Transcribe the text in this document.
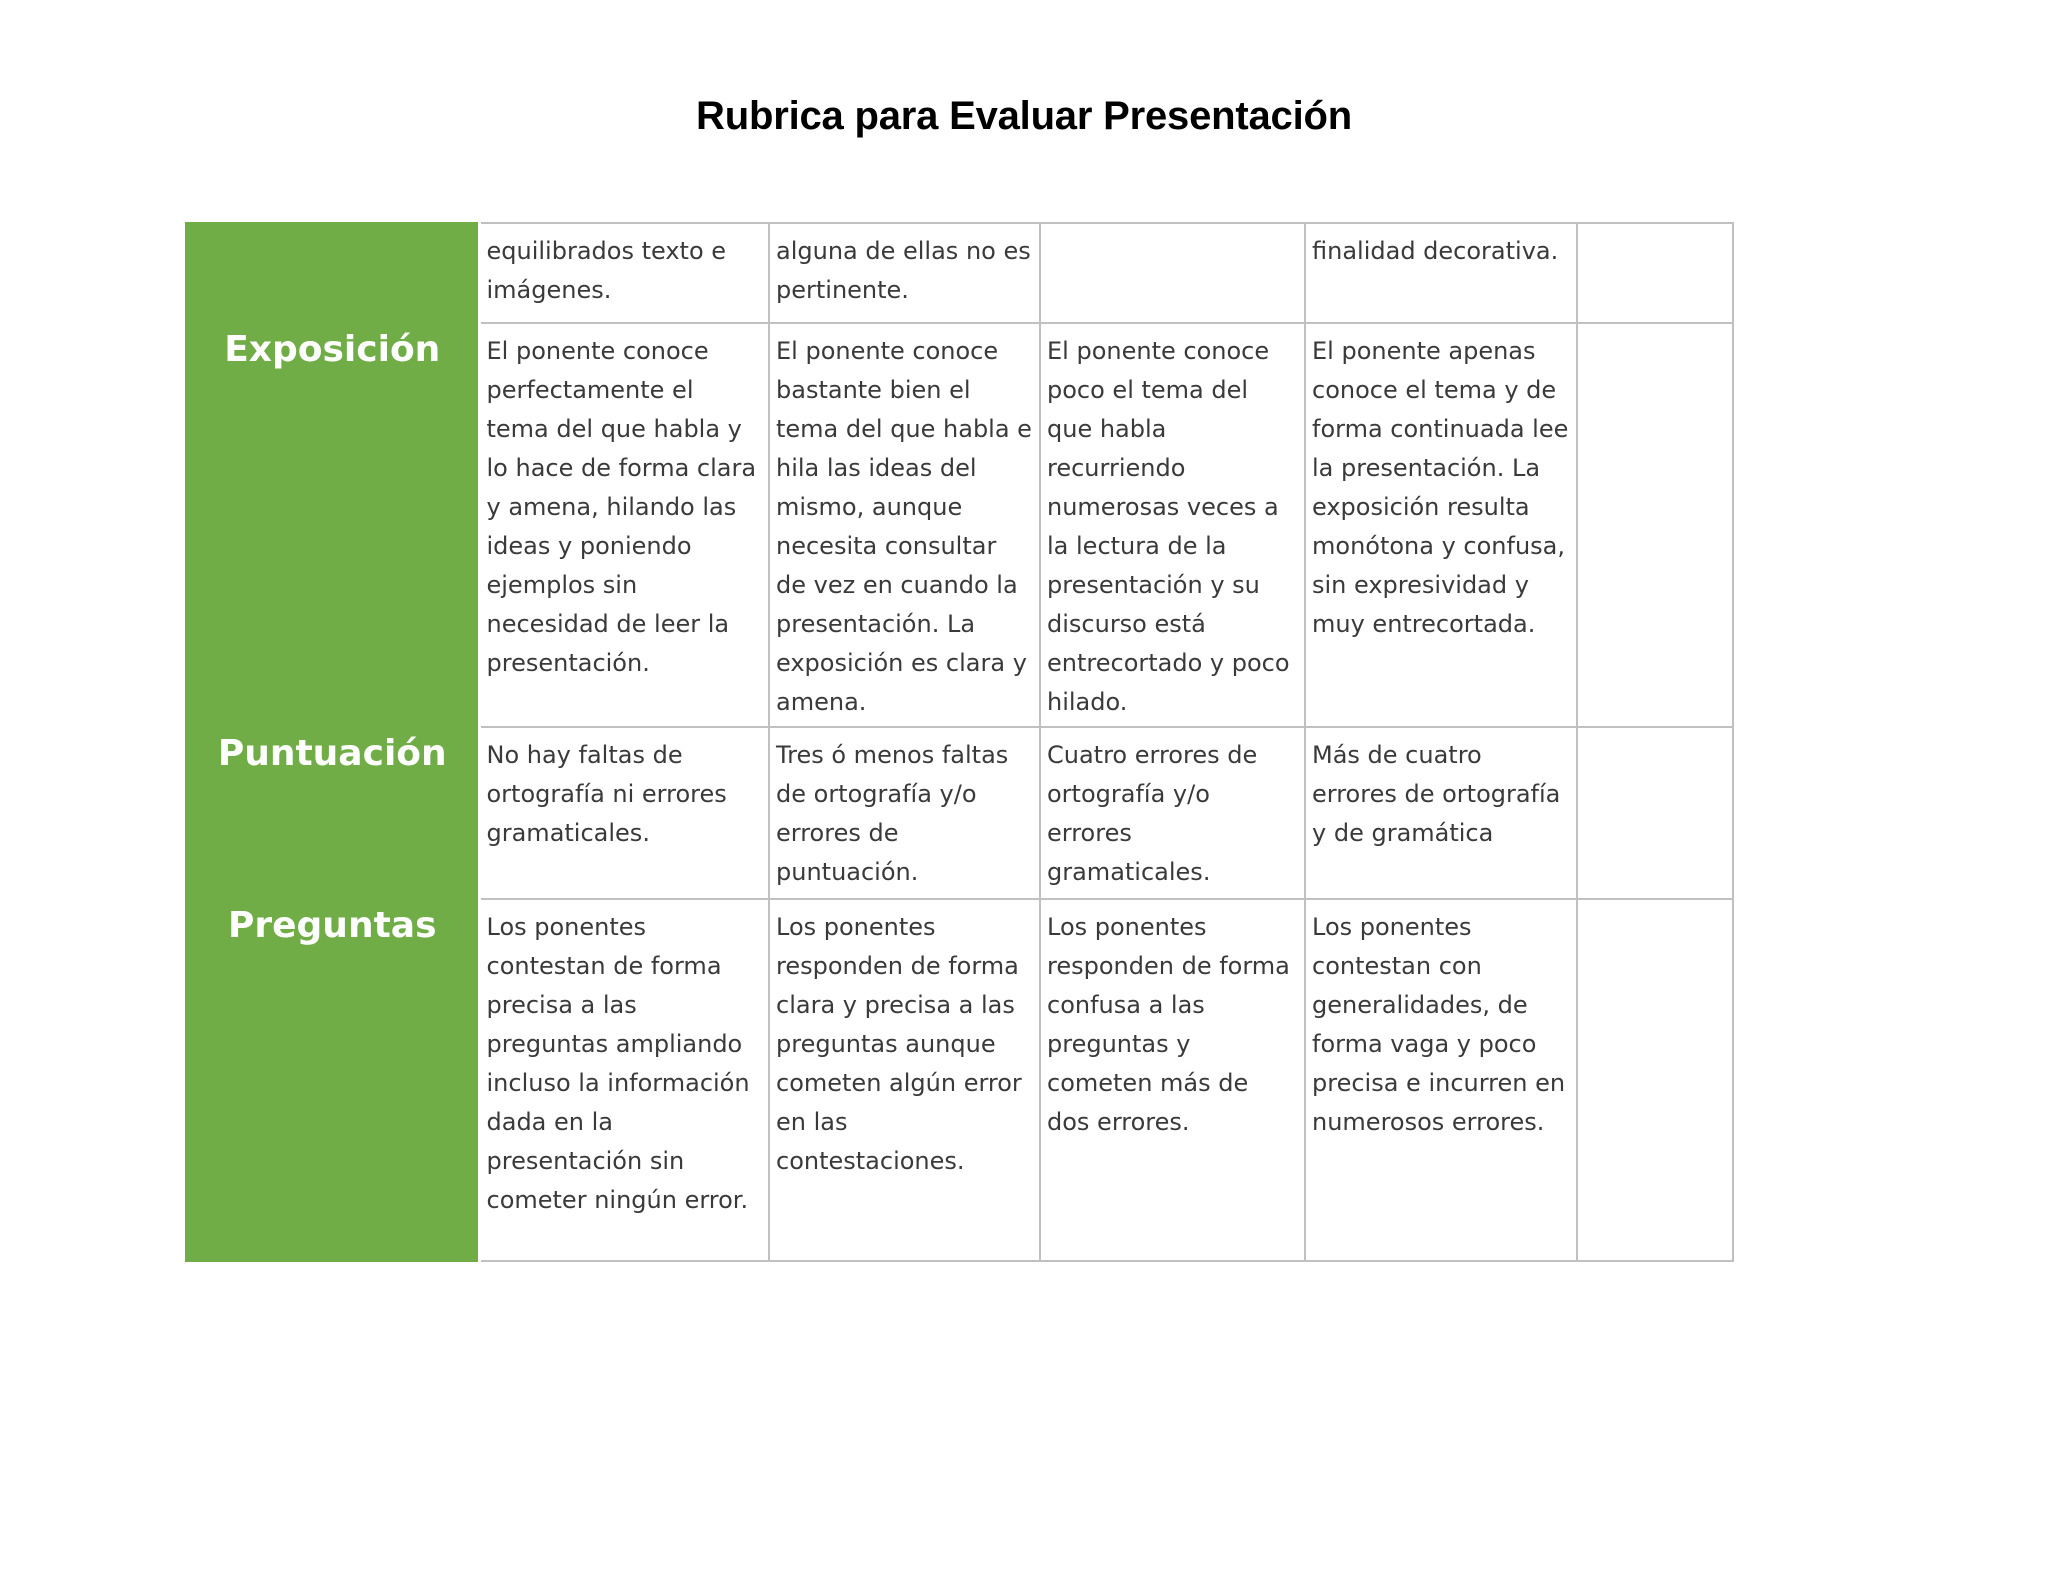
Rubrica para Evaluar Presentación
	equilibrados texto e imágenes.	alguna de ellas no es pertinente.		finalidad decorativa.	
Exposición	El ponente conoce perfectamente el tema del que habla y lo hace de forma clara y amena, hilando las ideas y poniendo ejemplos sin necesidad de leer la presentación.	El ponente conoce bastante bien el tema del que habla e hila las ideas del mismo, aunque necesita consultar de vez en cuando la presentación. La exposición es clara y amena.	El ponente conoce poco el tema del que habla recurriendo numerosas veces a la lectura de la presentación y su discurso está entrecortado y poco hilado.	El ponente apenas conoce el tema y de forma continuada lee la presentación. La exposición resulta monótona y confusa, sin expresividad y muy entrecortada.	
Puntuación	No hay faltas de ortografía ni errores gramaticales.	Tres ó menos faltas de ortografía y/o errores de puntuación.	Cuatro errores de ortografía y/o errores gramaticales.	Más de cuatro errores de ortografía y de gramática	
Preguntas	Los ponentes contestan de forma precisa a las preguntas ampliando incluso la información dada en la presentación sin cometer ningún error.	Los ponentes responden de forma clara y precisa a las preguntas aunque cometen algún error en las contestaciones.	Los ponentes responden de forma confusa a las preguntas y cometen más de dos errores.	Los ponentes contestan con generalidades, de forma vaga y poco precisa e incurren en numerosos errores.	
